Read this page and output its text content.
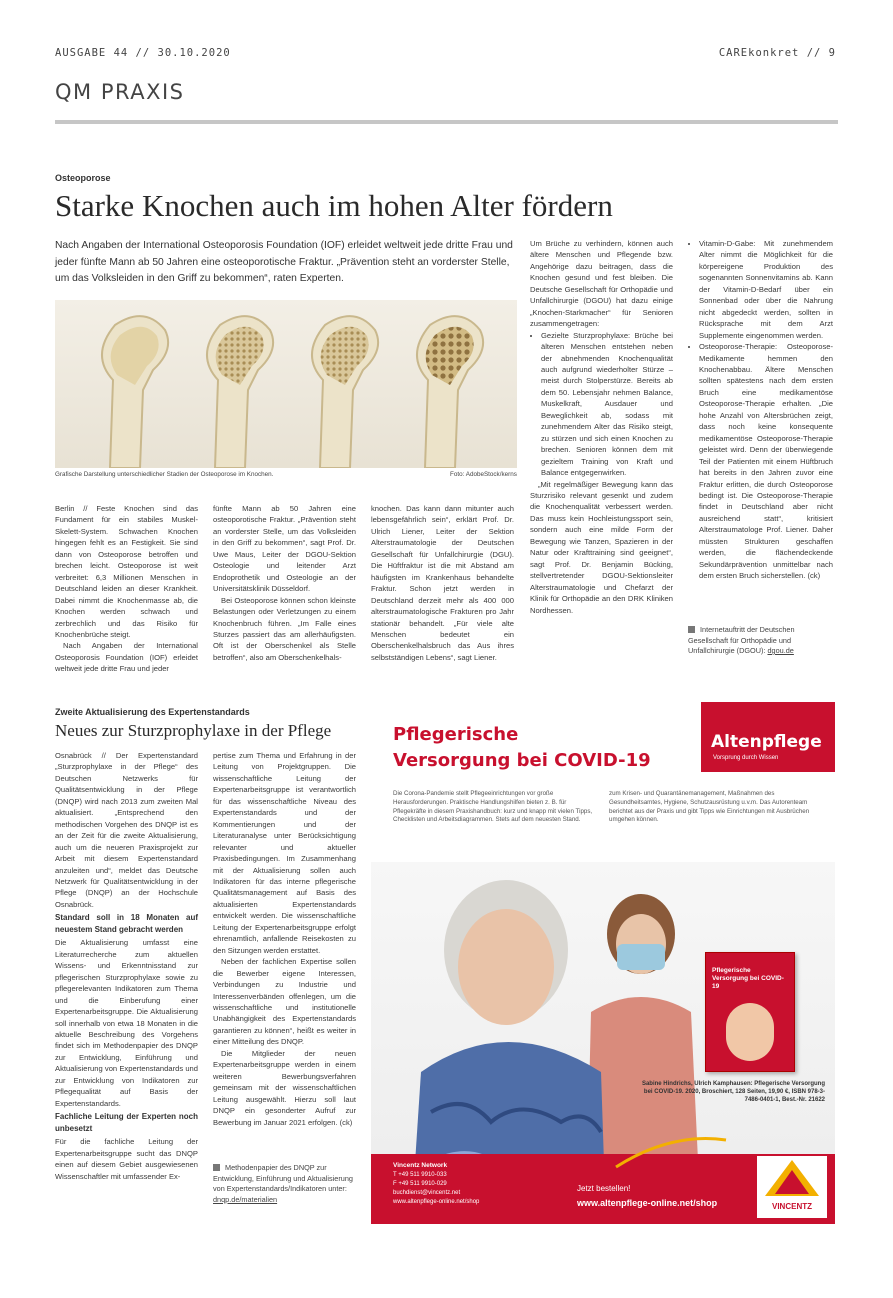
AUSGABE 44 // 30.10.2020	CAREkonkret // 9
QM PRAXIS
Osteoporose
Starke Knochen auch im hohen Alter fördern
Nach Angaben der International Osteoporosis Foundation (IOF) erleidet weltweit jede dritte Frau und jeder fünfte Mann ab 50 Jahren eine osteoporotische Fraktur. „Prävention steht an vorderster Stelle, um das Volksleiden in den Griff zu bekommen“, raten Experten.
Grafische Darstellung unterschiedlicher Stadien der Osteoporose im Knochen.	Foto: AdobeStock/kerns

Berlin // Feste Knochen sind das Fundament für ein stabiles Muskel-Skelett-System. Schwachen Knochen hingegen fehlt es an Festigkeit. Sie sind dann von Osteoporose betroffen und brechen leicht. Osteoporose ist weit verbreitet: 6,3 Millionen Menschen in Deutschland leiden an dieser Krankheit. Dabei nimmt die Knochenmasse ab, die Knochen werden schwach und zerbrechlich und das Risiko für Knochenbrüche steigt.

Nach Angaben der International Osteoporosis Foundation (IOF) erleidet weltweit jede dritte Frau und jeder

fünfte Mann ab 50 Jahren eine osteoporotische Fraktur. „Prävention steht an vorderster Stelle, um das Volksleiden in den Griff zu bekommen“, sagt Prof. Dr. Uwe Maus, Leiter der DGOU-Sektion Osteologie und leitender Arzt Endoprothetik und Osteologie an der Universitätsklinik Düsseldorf.

Bei Osteoporose können schon kleinste Belastungen oder Verletzungen zu einem Knochenbruch führen. „Im Falle eines Sturzes passiert das am allerhäufigsten. Oft ist der Oberschenkel als Stelle betroffen“, also am Oberschenkelhals-

knochen. Das kann dann mitunter auch lebensgefährlich sein“, erklärt Prof. Dr. Ulrich Liener, Leiter der Sektion Alterstraumatologie der Deutschen Gesellschaft für Unfallchirurgie (DGU). Die Hüftfraktur ist die mit Abstand am häufigsten im Krankenhaus behandelte Fraktur. Schon jetzt werden in Deutschland derzeit mehr als 400 000 alterstraumatologische Frakturen pro Jahr stationär behandelt. „Für viele alte Menschen bedeutet ein Oberschenkelhalsbruch das Aus ihres selbstständigen Lebens“, sagt Liener.

Um Brüche zu verhindern, können auch ältere Menschen und Pflegende bzw. Angehörige dazu beitragen, dass die Knochen gesund und fest bleiben. Die Deutsche Gesellschaft für Orthopädie und Unfallchirurgie (DGOU) hat dazu einige „Knochen-Starkmacher“ für Senioren zusammengetragen:

• Gezielte Sturzprophylaxe: Brüche bei älteren Menschen entstehen neben der abnehmenden Knochenqualität auch aufgrund wiederholter Stürze – meist durch Stolperstürze. Bereits ab dem 50. Lebensjahr nehmen Balance, Muskelkraft, Ausdauer und Beweglichkeit ab, sodass mit zunehmendem Alter das Risiko steigt, zu stürzen und sich einen Knochen zu brechen. Senioren können dem mit gezieltem Training von Kraft und Balance entgegenwirken.

„Mit regelmäßiger Bewegung kann das Sturzrisiko relevant gesenkt und zudem die Knochenqualität verbessert werden. Das muss kein Hochleistungssport sein, sondern auch eine milde Form der Bewegung wie Tanzen, Spazieren in der Natur oder Krafttraining sind geeignet“, sagt Prof. Dr. Benjamin Bücking, stellvertretender DGOU-Sektionsleiter Alterstraumatologie und Chefarzt der Klinik für Orthopädie an den DRK Kliniken Nordhessen.

• Vitamin-D-Gabe: Mit zunehmendem Alter nimmt die Möglichkeit für die körpereigene Produktion des sogenannten Sonnenvitamins ab. Kann der Vitamin-D-Bedarf über ein Sonnenbad oder über die Nahrung nicht abgedeckt werden, sollten in Rücksprache mit dem Arzt Supplemente eingenommen werden.
• Osteoporose-Therapie: Osteoporose-Medikamente hemmen den Knochenabbau. Ältere Menschen sollten spätestens nach dem ersten Bruch eine medikamentöse Osteoporose-Therapie erhalten. „Die hohe Anzahl von Altersbrüchen zeigt, dass noch keine konsequente medikamentöse Osteoporose-Therapie geleistet wird. Denn der überwiegende Teil der Patienten mit einem Hüftbruch hat bereits in den Jahren zuvor eine Fraktur erlitten, die durch Osteoporose bedingt ist. Die Osteoporose-Therapie findet in Deutschland aber nicht ausreichend statt“, kritisiert Alterstraumatologe Prof. Liener. Daher müssten Strukturen geschaffen werden, die flächendeckende Sekundärprävention unmittelbar nach dem ersten Bruch sicherstellen. (ck)
Internetauftritt der Deutschen Gesellschaft für Orthopädie und Unfallchirurgie (DGOU): dgou.de
Zweite Aktualisierung des Expertenstandards
Neues zur Sturzprophylaxe in der Pflege

Osnabrück // Der Expertenstandard „Sturzprophylaxe in der Pflege“ des Deutschen Netzwerks für Qualitätsentwicklung in der Pflege (DNQP) wird nach 2013 zum zweiten Mal aktualisiert. „Entsprechend den methodischen Vorgehen des DNQP ist es an der Zeit für die zweite Aktualisierung, auch um die neueren Praxisprojekt zur Arbeit mit diesem Expertenstandard anzuleiten und“, meldet das Deutsche Netzwerk für Qualitätsentwicklung in der Pflege (DNQP) an der Hochschule Osnabrück.

Standard soll in 18 Monaten auf neuestem Stand gebracht werden

Die Aktualisierung umfasst eine Literaturrecherche zum aktuellen Wissens- und Erkenntnisstand zur pflegerischen Sturzprophylaxe sowie zu pflegerelevanten Indikatoren zum Thema und die Einberufung einer Expertenarbeitsgruppe. Die Aktualisierung soll innerhalb von etwa 18 Monaten in die aktuelle Beschreibung des Vorgehens findet sich im Methodenpapier des DNQP zur Entwicklung, Einführung und Aktualisierung von Expertenstandards und zur Entwicklung von Indikatoren zur Pflegequalität auf Basis der Expertenstandards.

Fachliche Leitung der Experten noch unbesetzt

Für die fachliche Leitung der Expertenarbeitsgruppe sucht das DNQP einen auf diesem Gebiet ausgewiesenen Wissenschaftler mit umfassender Ex-

pertise zum Thema und Erfahrung in der Leitung von Projektgruppen. Die wissenschaftliche Leitung der Expertenarbeitsgruppe ist verantwortlich für das wissenschaftliche Niveau des Expertenstandards und der Kommentierungen und der Literaturanalyse unter Berücksichtigung relevanter und aktueller Praxisbedingungen. Im Zusammenhang mit der Aktualisierung sollen auch Indikatoren für das interne pflegerische Qualitätsmanagement auf Basis des aktualisierten Expertenstandards entwickelt werden. Die wissenschaftliche Leitung der Expertenarbeitsgruppe erfolgt ehrenamtlich, anfallende Reisekosten zu den Sitzungen werden erstattet.

Neben der fachlichen Expertise sollen die Bewerber eigene Interessen, Verbindungen zu Industrie und Interessenverbänden offenlegen, um die wissenschaftliche und institutionelle Unabhängigkeit des Expertenstandards garantieren zu können“, heißt es weiter in einer Mitteilung des DNQP.

Die Mitglieder der neuen Expertenarbeitsgruppe werden in einem weiteren Bewerbungsverfahren gemeinsam mit der wissenschaftlichen Leitung ausgewählt. Hierzu soll laut DNQP ein gesonderter Aufruf zur Bewerbung im Januar 2021 erfolgen. (ck)

Methodenpapier des DNQP zur Entwicklung, Einführung und Aktualisierung von Expertenstandards/Indikatoren unter: dnqp.de/materialien
Pflegerische
Versorgung bei COVID-19
Altenpflege
Vorsprung durch Wissen
Die Corona-Pandemie stellt Pflegeeinrichtungen vor große Herausforderungen. Praktische Handlungshilfen bieten z. B. für Pflegekräfte in diesem Praxishandbuch: kurz und knapp mit vielen Tipps, Checklisten und Arbeitsdiagrammen. Stets auf dem neuesten Stand.
zum Krisen- und Quarantänemanagement, Maßnahmen des Gesundheitsamtes, Hygiene, Schutzausrüstung u.v.m. Das Autorenteam berichtet aus der Praxis und gibt Tipps wie Einrichtungen mit Ausbrüchen umgehen können.
Pflegerische Versorgung bei COVID-19
Sabine Hindrichs, Ulrich Kamphausen: Pflegerische Versorgung bei COVID-19. 2020, Broschiert, 128 Seiten, 19,90 €, ISBN 978-3-7486-0401-1, Best.-Nr. 21622
Vincentz Network
T +49 511 9910-033
F +49 511 9910-029
buchdienst@vincentz.net
www.altenpflege-online.net/shop
Jetzt bestellen!
www.altenpflege-online.net/shop	VINCENTZ
